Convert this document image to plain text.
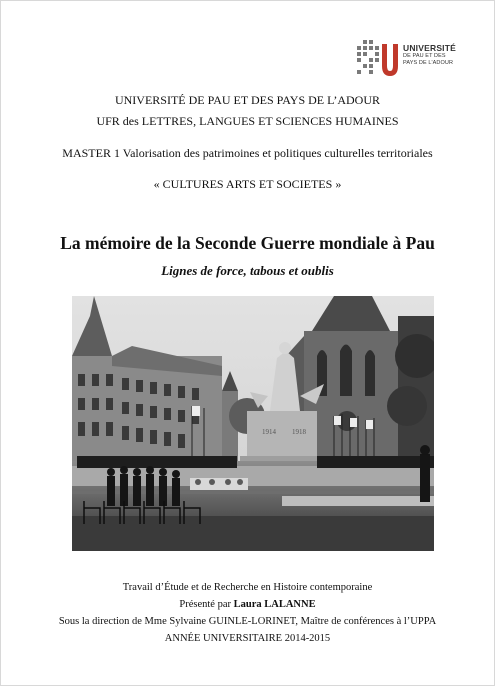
UNIVERSITÉ
DE PAU ET DES
PAYS DE L'ADOUR
UNIVERSITÉ DE PAU ET DES PAYS DE L’ADOUR
UFR des LETTRES, LANGUES ET SCIENCES HUMAINES
MASTER 1 Valorisation des patrimoines et politiques culturelles territoriales
« CULTURES ARTS ET SOCIETES »
La mémoire de la Seconde Guerre mondiale à Pau
Lignes de force, tabous et oublis
1914 1918
Travail d’Étude et de Recherche en Histoire contemporaine
Présenté par Laura LALANNE
Sous la direction de Mme Sylvaine GUINLE-LORINET, Maître de conférences à l’UPPA
ANNÉE UNIVERSITAIRE 2014-2015
